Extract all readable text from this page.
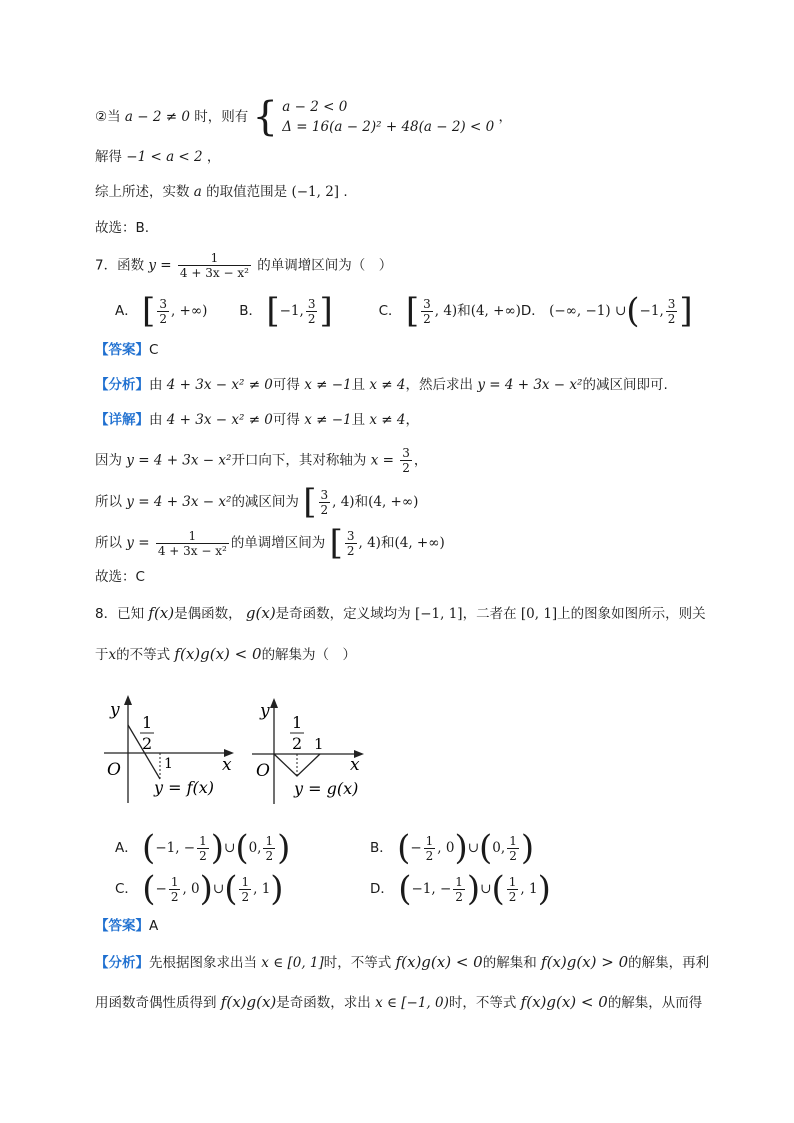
②当 a − 2 ≠ 0 时，则有 { a − 2 < 0
Δ = 16(a − 2)² + 48(a − 2) < 0
，
解得 −1 < a < 2 ，
综上所述，实数 a 的取值范围是 (−1, 2] .
故选：B.
7．函数 $y = \frac{1}{\text{4 + 3x − x²}}$ 的单调增区间为（　）
A． [ $\frac{3}{2}$ , +∞) B． [−1, $\frac{3}{2}$ ]	C． [ $\frac{3}{2}$ , 4)和(4, +∞) D． (−∞, −1) ∪(−1, $\frac{3}{2}$ ]
【答案】C
【分析】由 4 + 3x − x² ≠ 0可得 x ≠ −1且 x ≠ 4，然后求出 y = 4 + 3x − x²的减区间即可.
【详解】由 4 + 3x − x² ≠ 0可得 x ≠ −1且 x ≠ 4，
因为 y = 4 + 3x − x²开口向下，其对称轴为 $x = \frac{3}{2}$ ，
所以 y = 4 + 3x − x²的减区间为 [ $\frac{3}{2}$ , 4)和(4, +∞)
所以 $y = \frac{1}{\text{4 + 3x − x²}}$ 的单调增区间为 [ $\frac{3}{2}$ , 4)和(4, +∞)
故选：C
8．已知 f(x)是偶函数， g(x)是奇函数，定义域均为 [−1, 1]，二者在 [0, 1]上的图象如图所示，则关
于x的不等式 f(x)g(x) < 0的解集为（　）
y
x
O
1
2
1
y = f(x)
y
x
O
1
2 1
y = g(x)
A． (−1, − $\frac{1}{2}$ )∪(0, $\frac{1}{2}$ )	B． (− $\frac{1}{2}$ , 0)∪(0, $\frac{1}{2}$ )
C． (− $\frac{1}{2}$ , 0)∪( $\frac{1}{2}$ , 1)	D． (−1, − $\frac{1}{2}$ )∪( $\frac{1}{2}$ , 1)
【答案】A
【分析】先根据图象求出当 x ∈ [0, 1]时，不等式 f(x)g(x) < 0的解集和 f(x)g(x) > 0的解集，再利
用函数奇偶性质得到 f(x)g(x)是奇函数，求出 x ∈ [−1, 0)时，不等式 f(x)g(x) < 0的解集，从而得
